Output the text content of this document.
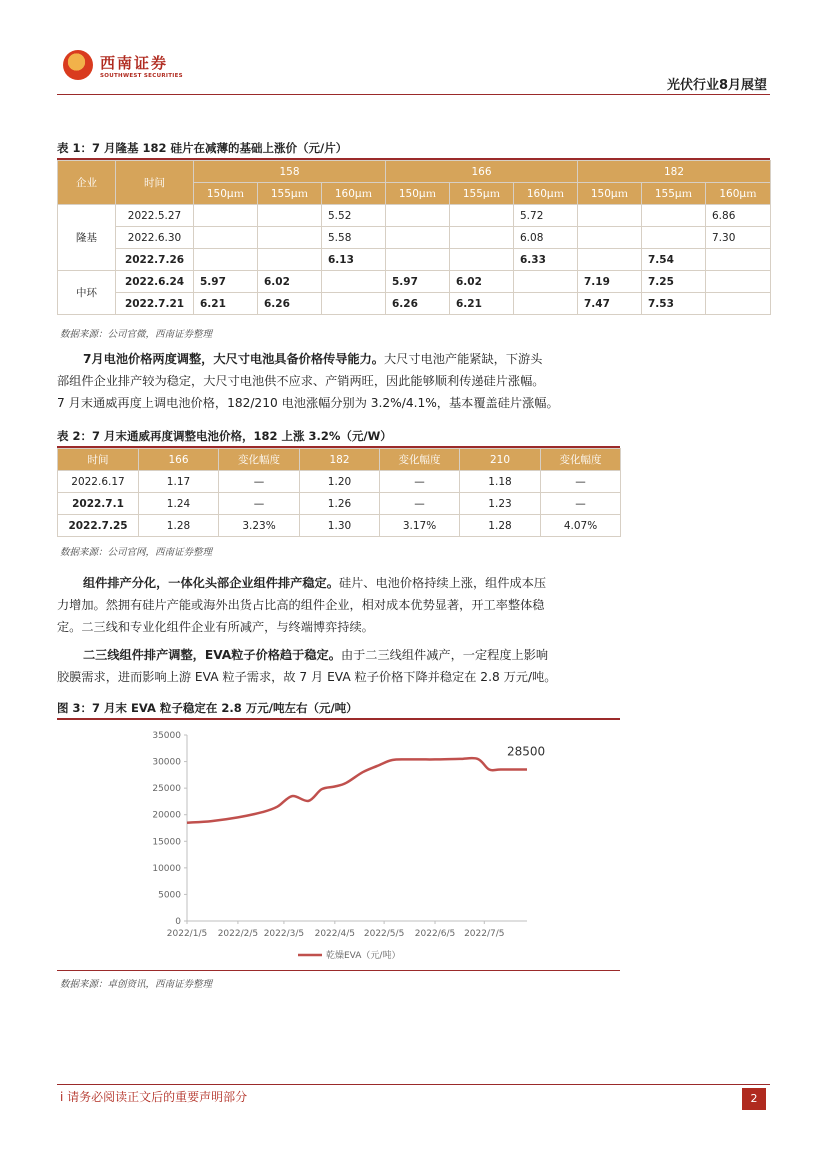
西南证券
SOUTHWEST SECURITIES
光伏行业8月展望
表 1：7 月隆基 182 硅片在减薄的基础上涨价（元/片）
企业	时间	158			166			182		
		150μｍ	155μｍ	160μｍ	150μｍ	155μｍ	160μｍ	150μｍ	155μｍ	160μｍ
隆基	2022.5.27			5.52			5.72			6.86
	2022.6.30			5.58			6.08			7.30
	2022.7.26			6.13			6.33		7.54	
中环	2022.6.24	5.97	6.02		5.97	6.02		7.19	7.25	
	2022.7.21	6.21	6.26		6.26	6.21		7.47	7.53	
数据来源：公司官微，西南证券整理
7月电池价格两度调整，大尺寸电池具备价格传导能力。大尺寸电池产能紧缺，下游头
部组件企业排产较为稳定，大尺寸电池供不应求、产销两旺，因此能够顺利传递硅片涨幅。
7 月末通威再度上调电池价格，182/210 电池涨幅分别为 3.2%/4.1%，基本覆盖硅片涨幅。
表 2：7 月末通威再度调整电池价格，182 上涨 3.2%（元/W）
时间	166	变化幅度	182	变化幅度	210	变化幅度
2022.6.17	1.17	—	1.20	—	1.18	—
2022.7.1	1.24	—	1.26	—	1.23	—
2022.7.25	1.28	3.23%	1.30	3.17%	1.28	4.07%
数据来源：公司官网，西南证券整理
组件排产分化，一体化头部企业组件排产稳定。硅片、电池价格持续上涨，组件成本压
力增加。然拥有硅片产能或海外出货占比高的组件企业，相对成本优势显著，开工率整体稳
定。二三线和专业化组件企业有所减产，与终端博弈持续。
二三线组件排产调整，EVA粒子价格趋于稳定。由于二三线组件减产，一定程度上影响
胶膜需求，进而影响上游 EVA 粒子需求，故 7 月 EVA 粒子价格下降并稳定在 2.8 万元/吨。
图 3：7 月末 EVA 粒子稳定在 2.8 万元/吨左右（元/吨）
0
5000
10000
15000
20000
25000
30000
35000
2022/1/5 2022/2/5 2022/3/5 2022/4/5 2022/5/5 2022/6/5 2022/7/5
28500
乾燥EVA（元/吨）
数据来源：卓创资讯，西南证券整理
ⅰ 请务必阅读正文后的重要声明部分	2
